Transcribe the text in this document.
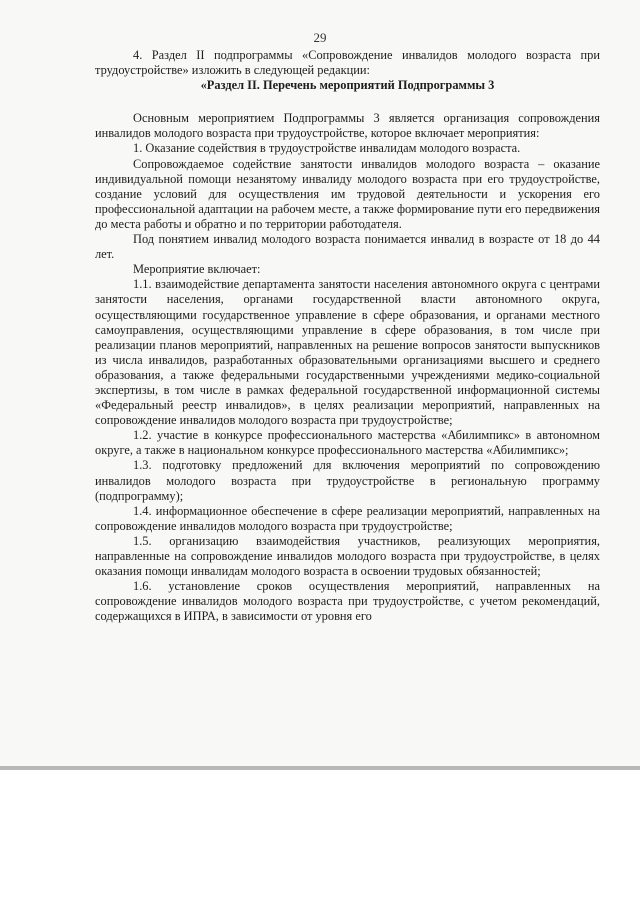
29

4. Раздел II подпрограммы «Сопровождение инвалидов молодого возраста при трудоустройстве» изложить в следующей редакции:

«Раздел II. Перечень мероприятий Подпрограммы 3

Основным мероприятием Подпрограммы 3 является организация сопровождения инвалидов молодого возраста при трудоустройстве, которое включает мероприятия:

1. Оказание содействия в трудоустройстве инвалидам молодого возраста.

Сопровождаемое содействие занятости инвалидов молодого возраста – оказание индивидуальной помощи незанятому инвалиду молодого возраста при его трудоустройстве, создание условий для осуществления им трудовой деятельности и ускорения его профессиональной адаптации на рабочем месте, а также формирование пути его передвижения до места работы и обратно и по территории работодателя.

Под понятием инвалид молодого возраста понимается инвалид в возрасте от 18 до 44 лет.

Мероприятие включает:

1.1. взаимодействие департамента занятости населения автономного округа с центрами занятости населения, органами государственной власти автономного округа, осуществляющими государственное управление в сфере образования, и органами местного самоуправления, осуществляющими управление в сфере образования, в том числе при реализации планов мероприятий, направленных на решение вопросов занятости выпускников из числа инвалидов, разработанных образовательными организациями высшего и среднего образования, а также федеральными государственными учреждениями медико-социальной экспертизы, в том числе в рамках федеральной государственной информационной системы «Федеральный реестр инвалидов», в целях реализации мероприятий, направленных на сопровождение инвалидов молодого возраста при трудоустройстве;

1.2. участие в конкурсе профессионального мастерства «Абилимпикс» в автономном округе, а также в национальном конкурсе профессионального мастерства «Абилимпикс»;

1.3. подготовку предложений для включения мероприятий по сопровождению инвалидов молодого возраста при трудоустройстве в региональную программу (подпрограмму);

1.4. информационное обеспечение в сфере реализации мероприятий, направленных на сопровождение инвалидов молодого возраста при трудоустройстве;

1.5. организацию взаимодействия участников, реализующих мероприятия, направленные на сопровождение инвалидов молодого возраста при трудоустройстве, в целях оказания помощи инвалидам молодого возраста в освоении трудовых обязанностей;

1.6. установление сроков осуществления мероприятий, направленных на сопровождение инвалидов молодого возраста при трудоустройстве, с учетом рекомендаций, содержащихся в ИПРА, в зависимости от уровня его
